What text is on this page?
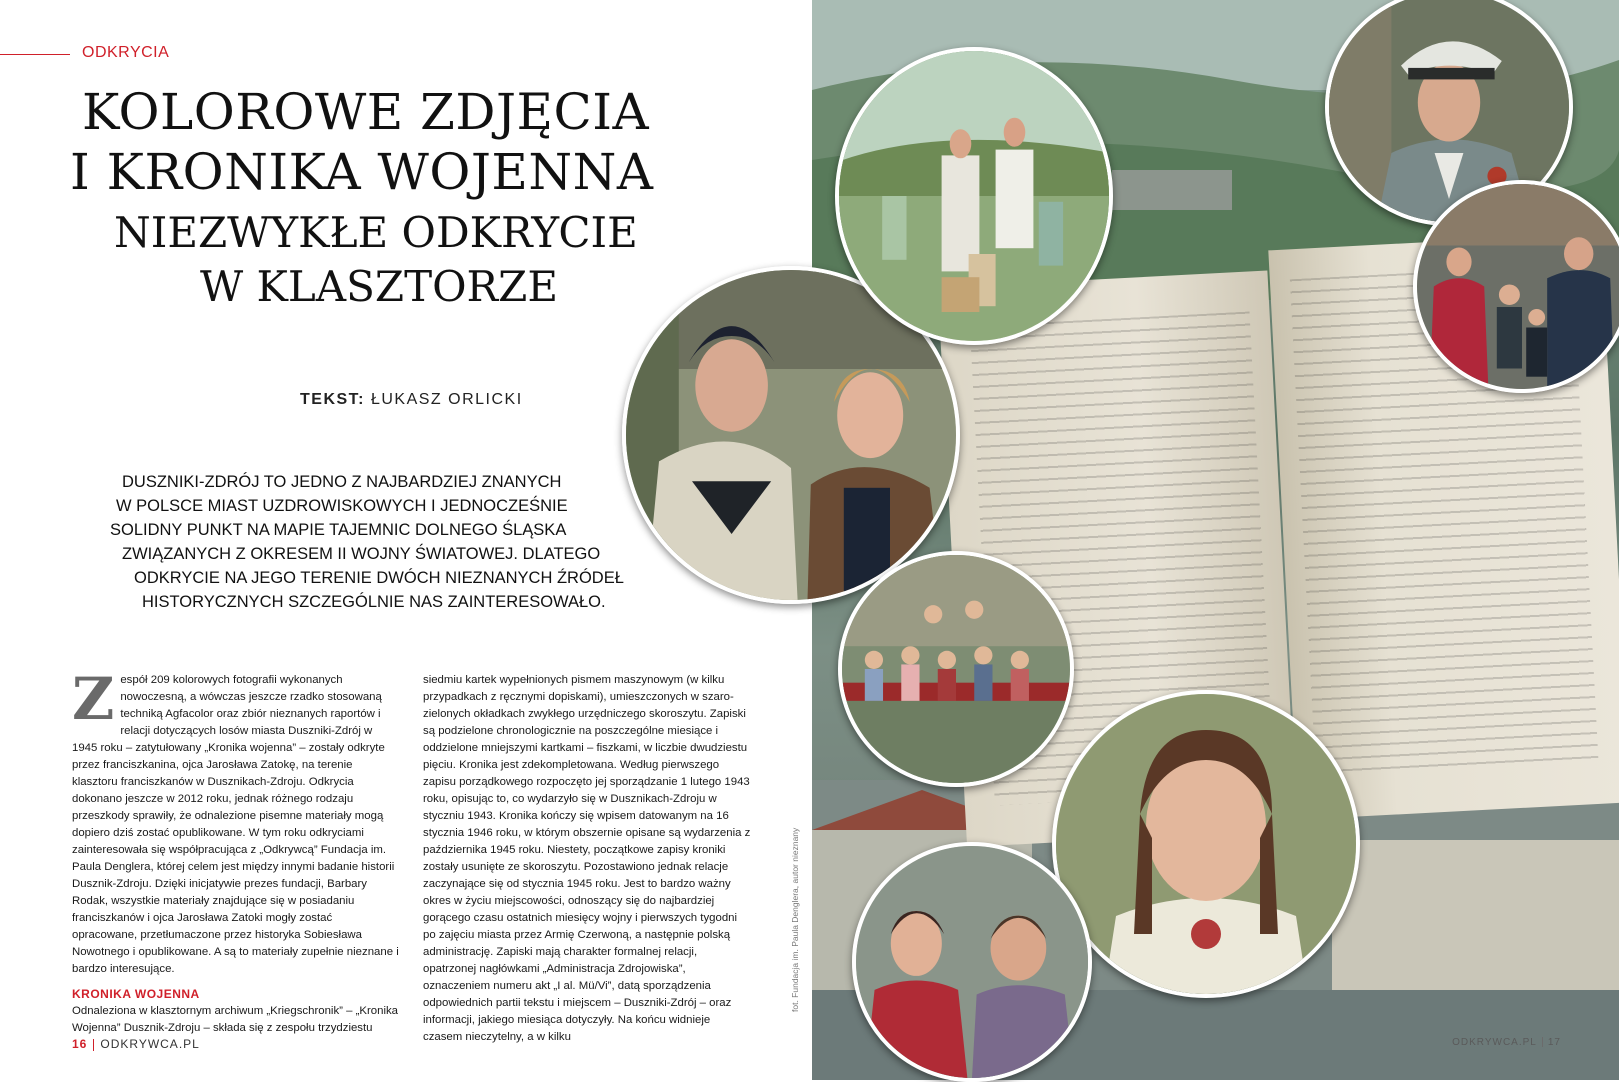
ODKRYCIA
KOLOROWE ZDJĘCIA
I KRONIKA WOJENNA
NIEZWYKŁE ODKRYCIE
W KLASZTORZE
TEKST: ŁUKASZ ORLICKI
DUSZNIKI-ZDRÓJ TO JEDNO Z NAJBARDZIEJ ZNANYCH
W POLSCE MIAST UZDROWISKOWYCH I JEDNOCZEŚNIE
SOLIDNY PUNKT NA MAPIE TAJEMNIC DOLNEGO ŚLĄSKA
ZWIĄZANYCH Z OKRESEM II WOJNY ŚWIATOWEJ. DLATEGO
ODKRYCIE NA JEGO TERENIE DWÓCH NIEZNANYCH ŹRÓDEŁ
HISTORYCZNYCH SZCZEGÓLNIE NAS ZAINTERESOWAŁO.
Z espół 209 kolorowych fotografii wykonanych nowoczesną, a wówczas jeszcze rzadko stosowaną techniką Agfacolor oraz zbiór nieznanych raportów i relacji dotyczących losów miasta Duszniki-Zdrój w 1945 roku – zatytułowany „Kronika wojenna” – zostały odkryte przez franciszkanina, ojca Jarosława Zatokę, na terenie klasztoru franciszkanów w Dusznikach-Zdroju. Odkrycia dokonano jeszcze w 2012 roku, jednak różnego rodzaju przeszkody sprawiły, że odnalezione pisemne materiały mogą dopiero dziś zostać opublikowane. W tym roku odkryciami zainteresowała się współpracująca z „Odkrywcą” Fundacja im. Paula Denglera, której celem jest między innymi badanie historii Dusznik-Zdroju. Dzięki inicjatywie prezes fundacji, Barbary Rodak, wszystkie materiały znajdujące się w posiadaniu franciszkanów i ojca Jarosława Zatoki mogły zostać opracowane, przetłumaczone przez historyka Sobiesława Nowotnego i opublikowane. A są to materiały zupełnie nieznane i bardzo interesujące.
KRONIKA WOJENNA
Odnaleziona w klasztornym archiwum „Kriegschronik” – „Kronika Wojenna” Dusznik-Zdroju – składa się z zespołu trzydziestu
siedmiu kartek wypełnionych pismem maszynowym (w kilku przypadkach z ręcznymi dopiskami), umieszczonych w szaro-zielonych okładkach zwykłego urzędniczego skoroszytu. Zapiski są podzielone chronologicznie na poszczególne miesiące i oddzielone mniejszymi kartkami – fiszkami, w liczbie dwudziestu pięciu. Kronika jest zdekompletowana. Według pierwszego zapisu porządkowego rozpoczęto jej sporządzanie 1 lutego 1943 roku, opisując to, co wydarzyło się w Dusznikach-Zdroju w styczniu 1943. Kronika kończy się wpisem datowanym na 16 stycznia 1946 roku, w którym obszernie opisane są wydarzenia z października 1945 roku. Niestety, początkowe zapisy kroniki zostały usunięte ze skoroszytu. Pozostawiono jednak relacje zaczynające się od stycznia 1945 roku. Jest to bardzo ważny okres w życiu miejscowości, odnoszący się do najbardziej gorącego czasu ostatnich miesięcy wojny i pierwszych tygodni po zajęciu miasta przez Armię Czerwoną, a następnie polską administrację. Zapiski mają charakter formalnej relacji, opatrzonej nagłówkami „Administracja Zdrojowiska”, oznaczeniem numeru akt „I al. Mü/Vi”, datą sporządzenia odpowiednich partii tekstu i miejscem – Duszniki-Zdrój – oraz informacji, jakiego miesiąca dotyczyły. Na końcu widnieje czasem nieczytelny, a w kilku
fot. Fundacja im. Paula Denglera, autor nieznany
16 ODKRYWCA.PL	ODKRYWCA.PL 17
